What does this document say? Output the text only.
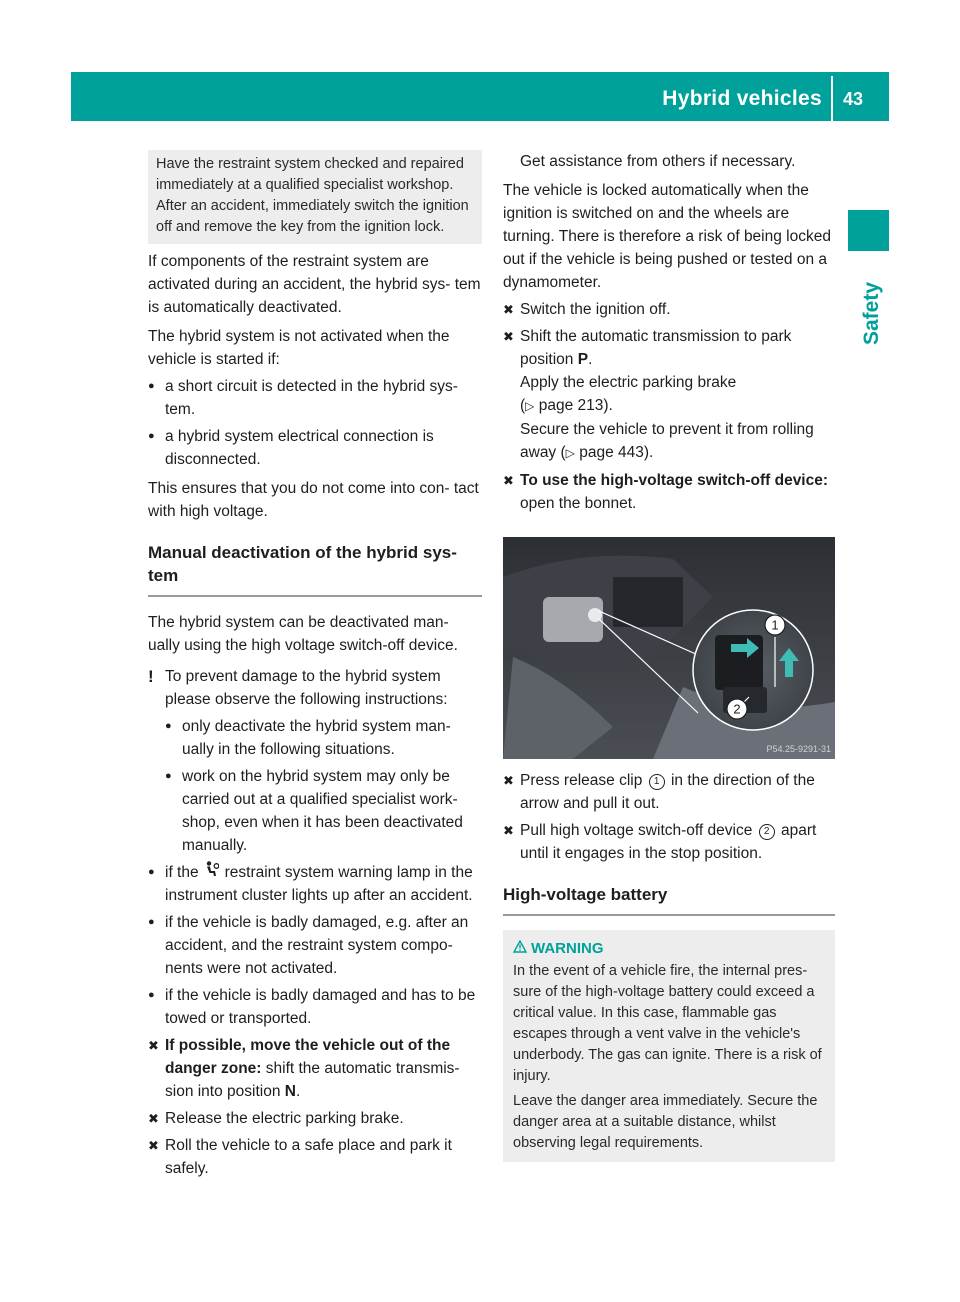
Hybrid vehicles 43
Safety
Have the restraint system checked and repaired immediately at a qualified specialist workshop. After an accident, immediately switch the ignition off and remove the key from the ignition lock.

If components of the restraint system are activated during an accident, the hybrid sys- tem is automatically deactivated.

The hybrid system is not activated when the vehicle is started if:

● a short circuit is detected in the hybrid sys- tem.

● a hybrid system electrical connection is disconnected.

This ensures that you do not come into con- tact with high voltage.

Manual deactivation of the hybrid sys- tem

The hybrid system can be deactivated man- ually using the high voltage switch-off device.

! To prevent damage to the hybrid system please observe the following instructions:

● only deactivate the hybrid system man- ually in the following situations.

● work on the hybrid system may only be carried out at a qualified specialist work- shop, even when it has been deactivated manually.

● if the restraint system warning lamp in the instrument cluster lights up after an accident.

● if the vehicle is badly damaged, e.g. after an accident, and the restraint system compo- nents were not activated.

● if the vehicle is badly damaged and has to be towed or transported.

✖ If possible, move the vehicle out of the danger zone: shift the automatic transmis- sion into position N.

✖ Release the electric parking brake.

✖ Roll the vehicle to a safe place and park it safely.

Get assistance from others if necessary.

The vehicle is locked automatically when the ignition is switched on and the wheels are turning. There is therefore a risk of being locked out if the vehicle is being pushed or tested on a dynamometer.

✖ Switch the ignition off.

✖ Shift the automatic transmission to park position P.

Apply the electric parking brake
(▷ page 213).

Secure the vehicle to prevent it from rolling away (▷ page 443).

✖ To use the high-voltage switch-off device: open the bonnet.

1
2
P54.25-9291-31

✖ Press release clip 1 in the direction of the arrow and pull it out.

✖ Pull high voltage switch-off device 2 apart until it engages in the stop position.

High-voltage battery

WARNING

In the event of a vehicle fire, the internal pres- sure of the high-voltage battery could exceed a critical value. In this case, flammable gas escapes through a vent valve in the vehicle's underbody. The gas can ignite. There is a risk of injury.

Leave the danger area immediately. Secure the danger area at a suitable distance, whilst observing legal requirements.
